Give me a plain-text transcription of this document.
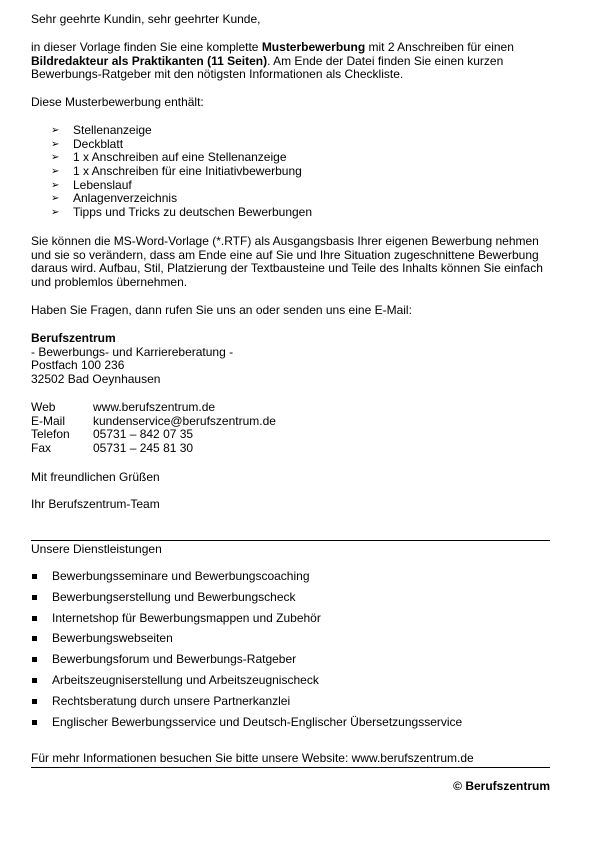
Sehr geehrte Kundin, sehr geehrter Kunde,

in dieser Vorlage finden Sie eine komplette Musterbewerbung mit 2 Anschreiben für einen Bildredakteur als Praktikanten (11 Seiten). Am Ende der Datei finden Sie einen kurzen Bewerbungs-Ratgeber mit den nötigsten Informationen als Checkliste.

Diese Musterbewerbung enthält:

➢ Stellenanzeige
➢ Deckblatt
➢ 1 x Anschreiben auf eine Stellenanzeige
➢ 1 x Anschreiben für eine Initiativbewerbung
➢ Lebenslauf
➢ Anlagenverzeichnis
➢ Tipps und Tricks zu deutschen Bewerbungen

Sie können die MS-Word-Vorlage (*.RTF) als Ausgangsbasis Ihrer eigenen Bewerbung nehmen und sie so verändern, dass am Ende eine auf Sie und Ihre Situation zugeschnittene Bewerbung daraus wird. Aufbau, Stil, Platzierung der Textbausteine und Teile des Inhalts können Sie einfach und problemlos übernehmen.

Haben Sie Fragen, dann rufen Sie uns an oder senden uns eine E-Mail:

Berufszentrum

- Bewerbungs- und Karriereberatung -

Postfach 100 236

32502 Bad Oeynhausen

Web	www.berufszentrum.de
E-Mail	kundenservice@berufszentrum.de
Telefon	05731 – 842 07 35
Fax	05731 – 245 81 30

Mit freundlichen Grüßen

Ihr Berufszentrum-Team

Unsere Dienstleistungen

Bewerbungsseminare und Bewerbungscoaching
Bewerbungserstellung und Bewerbungscheck
Internetshop für Bewerbungsmappen und Zubehör
Bewerbungswebseiten
Bewerbungsforum und Bewerbungs-Ratgeber
Arbeitszeugniserstellung und Arbeitszeugnischeck
Rechtsberatung durch unsere Partnerkanzlei
Englischer Bewerbungsservice und Deutsch-Englischer Übersetzungsservice

Für mehr Informationen besuchen Sie bitte unsere Website: www.berufszentrum.de

© Berufszentrum
